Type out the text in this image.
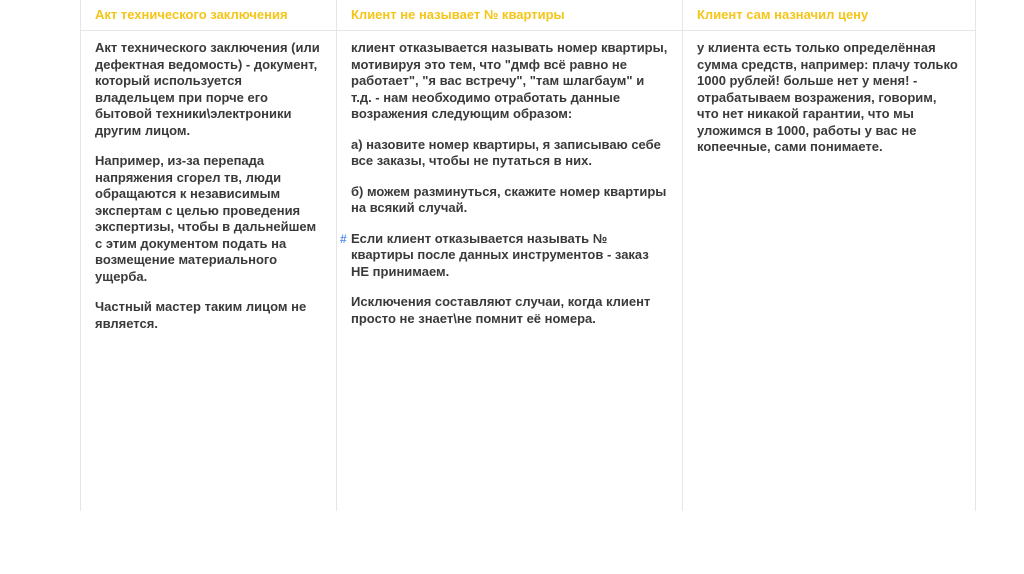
Акт технического заключения

Акт технического заключения (или дефектная ведомость) - документ, который используется владельцем при порче его бытовой техники\электроники другим лицом.

Например, из-за перепада напряжения сгорел тв, люди обращаются к независимым экспертам с целью проведения экспертизы, чтобы в дальнейшем с этим документом подать на возмещение материального ущерба.

Частный мастер таким лицом не является.

Клиент не называет № квартиры

клиент отказывается называть номер квартиры, мотивируя это тем, что "дмф всё равно не работает", "я вас встречу", "там шлагбаум" и т.д. - нам необходимо отработать данные возражения следующим образом:

а) назовите номер квартиры, я записываю себе все заказы, чтобы не путаться в них.

б) можем разминуться, скажите номер квартиры на всякий случай.

# Если клиент отказывается называть № квартиры после данных инструментов - заказ НЕ принимаем.

Исключения составляют случаи, когда клиент просто не знает\не помнит её номера.

Клиент сам назначил цену

у клиента есть только определённая сумма средств, например: плачу только 1000 рублей! больше нет у меня! - отрабатываем возражения, говорим, что нет никакой гарантии, что мы уложимся в 1000, работы у вас не копеечные, сами понимаете.
